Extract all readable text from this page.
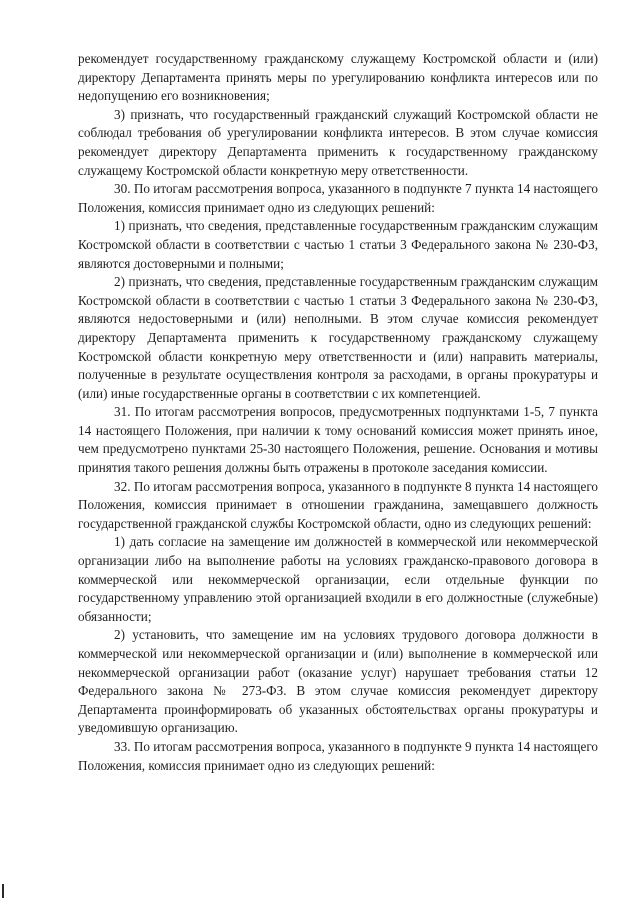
рекомендует государственному гражданскому служащему Костромской области и (или) директору Департамента принять меры по урегулированию конфликта интересов или по недопущению его возникновения;

3) признать, что государственный гражданский служащий Костромской области не соблюдал требования об урегулировании конфликта интересов. В этом случае комиссия рекомендует директору Департамента применить к государственному гражданскому служащему Костромской области конкретную меру ответственности.

30. По итогам рассмотрения вопроса, указанного в подпункте 7 пункта 14 настоящего Положения, комиссия принимает одно из следующих решений:

1) признать, что сведения, представленные государственным гражданским служащим Костромской области в соответствии с частью 1 статьи 3 Федерального закона № 230-ФЗ, являются достоверными и полными;

2) признать, что сведения, представленные государственным гражданским служащим Костромской области в соответствии с частью 1 статьи 3 Федерального закона № 230-ФЗ, являются недостоверными и (или) неполными. В этом случае комиссия рекомендует директору Департамента применить к государственному гражданскому служащему Костромской области конкретную меру ответственности и (или) направить материалы, полученные в результате осуществления контроля за расходами, в органы прокуратуры и (или) иные государственные органы в соответствии с их компетенцией.

31. По итогам рассмотрения вопросов, предусмотренных подпунктами 1-5, 7 пункта 14 настоящего Положения, при наличии к тому оснований комиссия может принять иное, чем предусмотрено пунктами 25-30 настоящего Положения, решение. Основания и мотивы принятия такого решения должны быть отражены в протоколе заседания комиссии.

32. По итогам рассмотрения вопроса, указанного в подпункте 8 пункта 14 настоящего Положения, комиссия принимает в отношении гражданина, замещавшего должность государственной гражданской службы Костромской области, одно из следующих решений:

1) дать согласие на замещение им должностей в коммерческой или некоммерческой организации либо на выполнение работы на условиях гражданско-правового договора в коммерческой или некоммерческой организации, если отдельные функции по государственному управлению этой организацией входили в его должностные (служебные) обязанности;

2) установить, что замещение им на условиях трудового договора должности в коммерческой или некоммерческой организации и (или) выполнение в коммерческой или некоммерческой организации работ (оказание услуг) нарушает требования статьи 12 Федерального закона № 273-ФЗ. В этом случае комиссия рекомендует директору Департамента проинформировать об указанных обстоятельствах органы прокуратуры и уведомившую организацию.

33. По итогам рассмотрения вопроса, указанного в подпункте 9 пункта 14 настоящего Положения, комиссия принимает одно из следующих решений:
